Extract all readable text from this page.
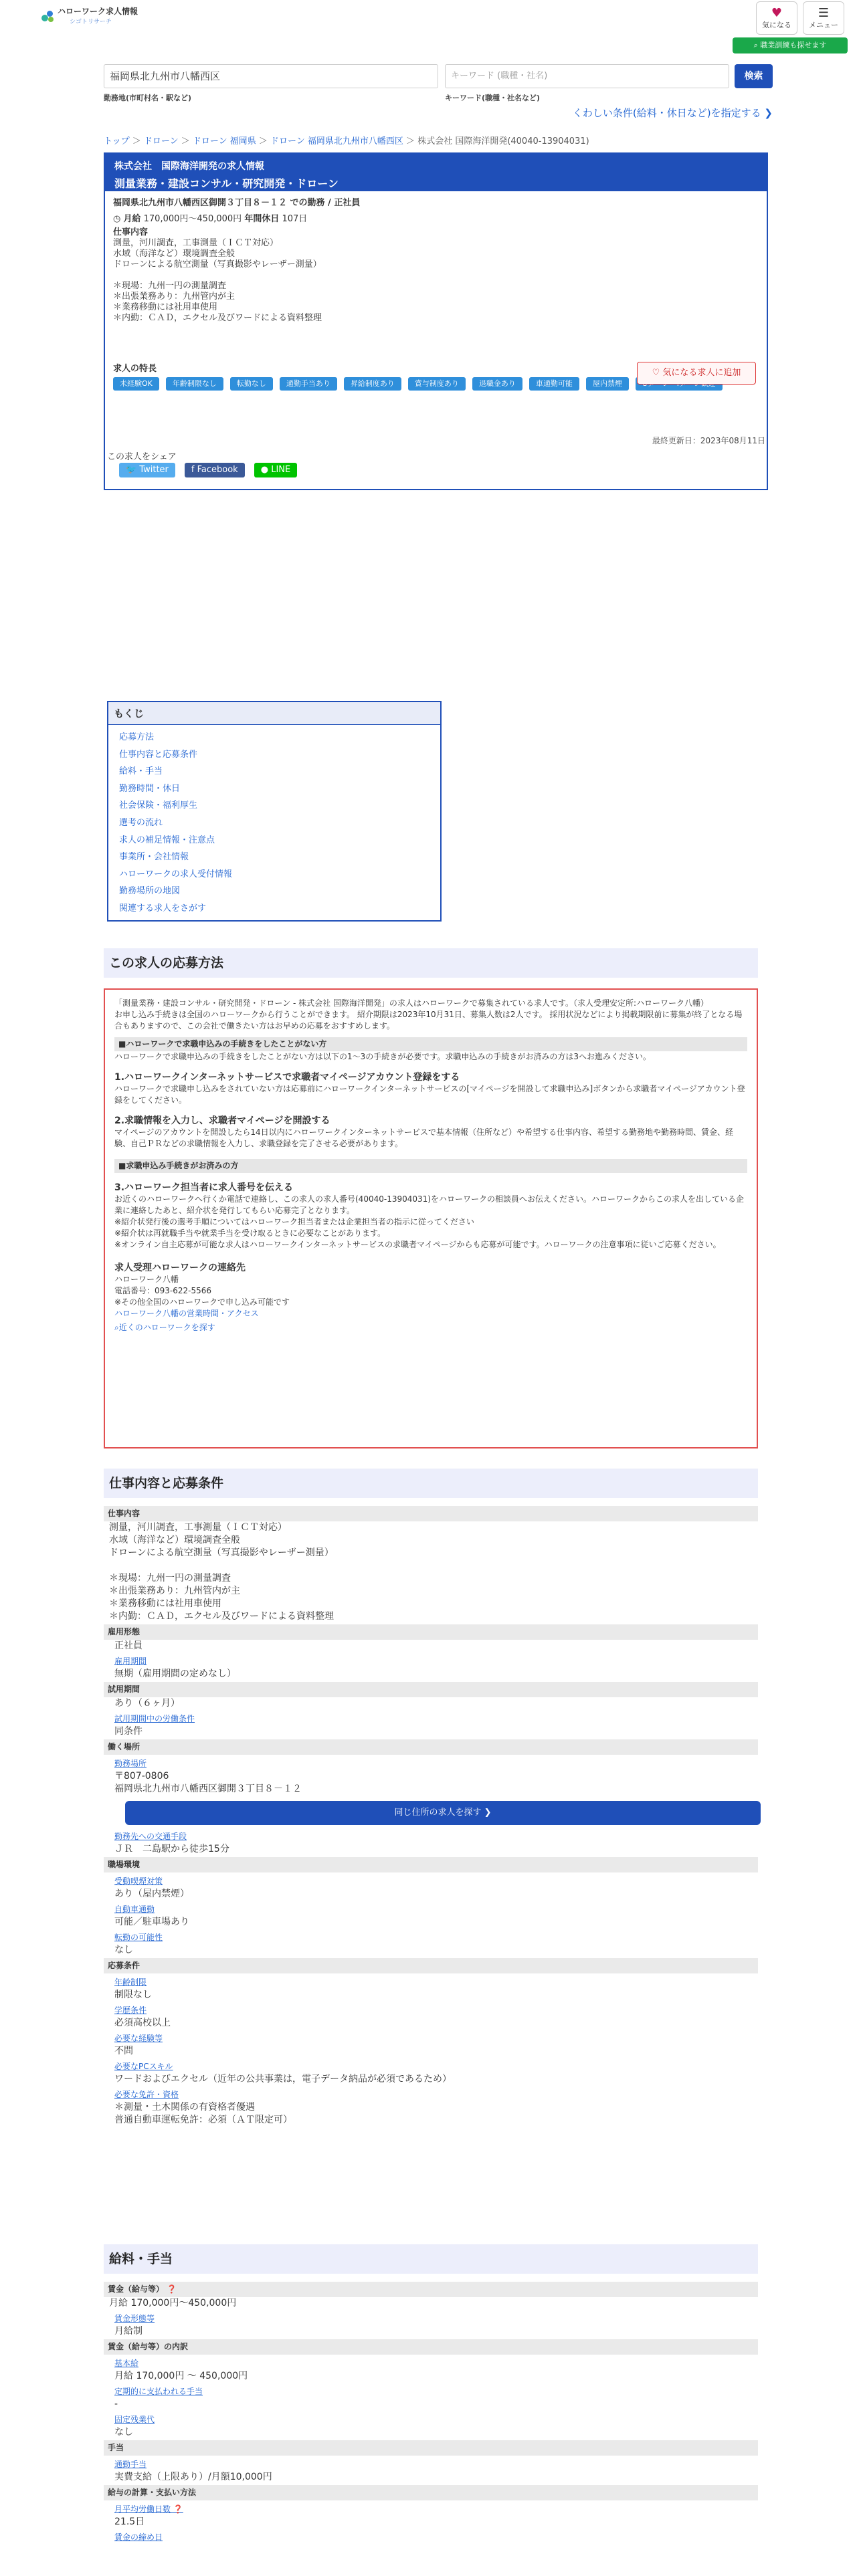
ハローワーク求人情報
シゴトリサーチ
♥
気になる
☰
メニュー
⌕ 職業訓練も探せます
福岡県北九州市八幡西区
勤務地(市町村名・駅など)
キーワード (職種・社名)
キーワード(職種・社名など)
検索
くわしい条件(給料・休日など)を指定する ❯
トップ ＞ ドローン ＞ ドローン 福岡県 ＞ ドローン 福岡県北九州市八幡西区 ＞ 株式会社 国際海洋開発(40040-13904031)
株式会社　国際海洋開発の求人情報
測量業務・建設コンサル・研究開発・ドローン
福岡県北九州市八幡西区御開３丁目８－１２ での勤務 / 正社員
◷ 月給 170,000円～450,000円 年間休日 107日
仕事内容
測量，河川調査，工事測量（ＩＣＴ対応）
水域（海洋など）環境調査全般
ドローンによる航空測量（写真撮影やレーザー測量）
＊現場：九州一円の測量調査
＊出張業務あり：九州管内が主
＊業務移動には社用車使用
＊内勤：ＣＡＤ，エクセル及びワードによる資料整理
求人の特長
未経験OK	年齢制限なし	転勤なし	通勤手当あり	昇給制度あり	賞与制度あり	退職金あり	車通勤可能	屋内禁煙
♡ 気になる求人に追加
最終更新日：2023年08月11日
この求人をシェア
🐦 Twitter	f Facebook	● LINE
もくじ
応募方法
仕事内容と応募条件
給料・手当
勤務時間・休日
社会保険・福利厚生
選考の流れ
求人の補足情報・注意点
事業所・会社情報
ハローワークの求人受付情報
勤務場所の地図
関連する求人をさがす
この求人の応募方法
「測量業務・建設コンサル・研究開発・ドローン - 株式会社 国際海洋開発」の求人はハローワークで募集されている求人です。（求人受理安定所:ハローワーク八幡）
お申し込み手続きは全国のハローワークから行うことができます。 紹介期限は2023年10月31日、募集人数は2人です。 採用状況などにより掲載期限前に募集が終了となる場合もありますので、この会社で働きたい方はお早めの応募をおすすめします。
■ハローワークで求職申込みの手続きをしたことがない方
ハローワークで求職申込みの手続きをしたことがない方は以下の1～3の手続きが必要です。求職申込みの手続きがお済みの方は3へお進みください。
1.ハローワークインターネットサービスで求職者マイページアカウント登録をする
ハローワークで求職申し込みをされていない方は応募前にハローワークインターネットサービスの[マイページを開設して求職申込み]ボタンから求職者マイページアカウント登録をしてください。
2.求職情報を入力し、求職者マイページを開設する
マイページのアカウントを開設したら14日以内にハローワークインターネットサービスで基本情報（住所など）や希望する仕事内容、希望する勤務地や勤務時間、賃金、経験、自己ＰＲなどの求職情報を入力し、求職登録を完了させる必要があります。
■求職申込み手続きがお済みの方
3.ハローワーク担当者に求人番号を伝える
お近くのハローワークへ行くか電話で連絡し、この求人の求人番号(40040-13904031)をハローワークの相談員へお伝えください。ハローワークからこの求人を出している企業に連絡したあと、紹介状を発行してもらい応募完了となります。
※紹介状発行後の選考手順についてはハローワーク担当者または企業担当者の指示に従ってください
※紹介状は再就職手当や就業手当を受け取るときに必要なことがあります。
※オンライン自主応募が可能な求人はハローワークインターネットサービスの求職者マイページからも応募が可能です。ハローワークの注意事項に従いご応募ください。
求人受理ハローワークの連絡先
ハローワーク八幡
電話番号：093-622-5566
※その他全国のハローワークで申し込み可能です
ハローワーク八幡の営業時間・アクセス
⌕近くのハローワークを探す
仕事内容と応募条件
仕事内容
測量，河川調査，工事測量（ＩＣＴ対応）
水域（海洋など）環境調査全般
ドローンによる航空測量（写真撮影やレーザー測量）
＊現場：九州一円の測量調査
＊出張業務あり：九州管内が主
＊業務移動には社用車使用
＊内勤：ＣＡＤ，エクセル及びワードによる資料整理
雇用形態
正社員
雇用期間
無期（雇用期間の定めなし）
試用期間
あり（６ヶ月）
試用期間中の労働条件
同条件
働く場所
勤務場所
〒807-0806
福岡県北九州市八幡西区御開３丁目８－１２
同じ住所の求人を探す ❯
勤務先への交通手段
ＪＲ　二島駅から徒歩15分
職場環境
受動喫煙対策
あり（屋内禁煙）
自動車通勤
可能／駐車場あり
転勤の可能性
なし
応募条件
年齢制限
制限なし
学歴条件
必須高校以上
必要な経験等
不問
必要なPCスキル
ワードおよびエクセル（近年の公共事業は，電子データ納品が必須であるため）
必要な免許・資格
＊測量・土木関係の有資格者優遇
普通自動車運転免許：必須（ＡＴ限定可）
給料・手当
賃金（給与等） ❓
月給 170,000円〜450,000円
賃金形態等
月給制
賃金（給与等）の内訳
基本給
月給 170,000円 〜 450,000円
定期的に支払われる手当
-
固定残業代
なし
手当
通勤手当
実費支給（上限あり）/月額10,000円
給与の計算・支払い方法
月平均労働日数 ❓
21.5日
賃金の締め日
